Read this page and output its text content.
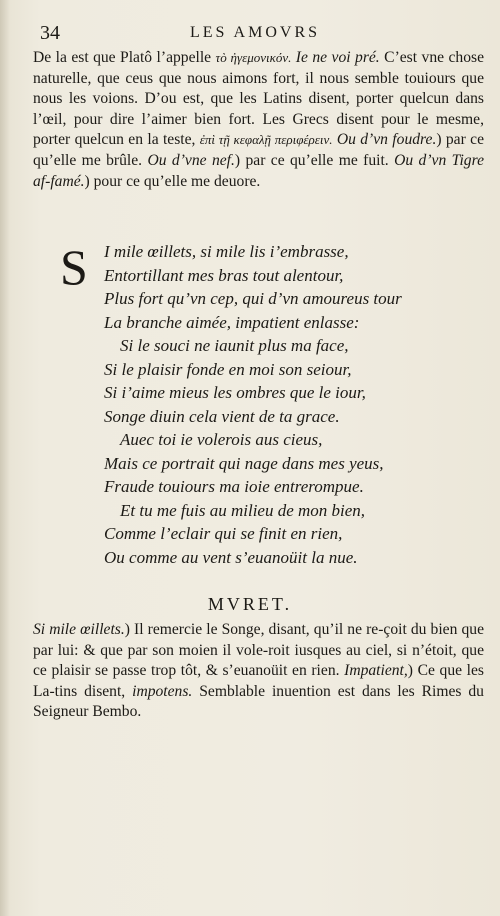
34	LES AMOVRS

De la est que Platô l’appelle τὸ ἠγεμονικόν. Ie ne voi pré. C’est vne chose naturelle, que ceus que nous aimons fort, il nous semble touiours que nous les voions. D’ou est, que les Latins disent, porter quelcun dans l’œil, pour dire l’aimer bien fort. Les Grecs disent pour le mesme, porter quelcun en la teste, ἐπὶ τῇ κεφαλῇ περιφέρειν. Ou d’vn foudre.) par ce qu’elle me brûle. Ou d’vne nef.) par ce qu’elle me fuit. Ou d’vn Tigre af-famé.) pour ce qu’elle me deuore.

S I mile œillets, si mile lis i’embrasse,
Entortillant mes bras tout alentour,
Plus fort qu’vn cep, qui d’vn amoureus tour
La branche aimée, impatient enlasse:
Si le souci ne iaunit plus ma face,
Si le plaisir fonde en moi son seiour,
Si i’aime mieus les ombres que le iour,
Songe diuin cela vient de ta grace.
Auec toi ie volerois aus cieus,
Mais ce portrait qui nage dans mes yeus,
Fraude touiours ma ioie entrerompue.
Et tu me fuis au milieu de mon bien,
Comme l’eclair qui se finit en rien,
Ou comme au vent s’euanoüit la nue.
MVRET.

Si mile œillets.) Il remercie le Songe, disant, qu’il ne re-çoit du bien que par lui: & que par son moien il vole-roit iusques au ciel, si n’étoit, que ce plaisir se passe trop tôt, & s’euanoüit en rien. Impatient,) Ce que les La-tins disent, impotens. Semblable inuention est dans les Rimes du Seigneur Bembo.
